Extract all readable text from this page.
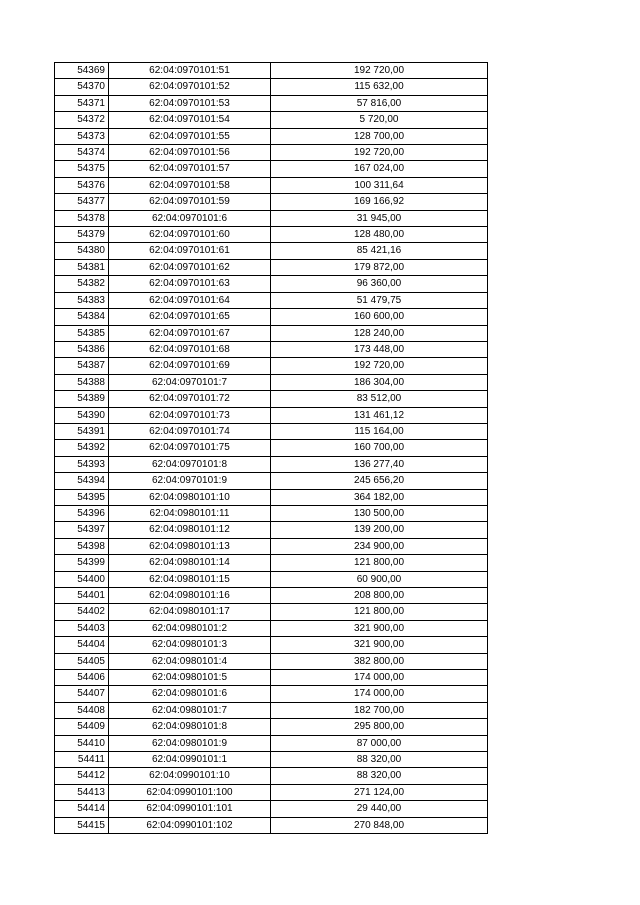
54369	62:04:0970101:51	192 720,00
54370	62:04:0970101:52	115 632,00
54371	62:04:0970101:53	57 816,00
54372	62:04:0970101:54	5 720,00
54373	62:04:0970101:55	128 700,00
54374	62:04:0970101:56	192 720,00
54375	62:04:0970101:57	167 024,00
54376	62:04:0970101:58	100 311,64
54377	62:04:0970101:59	169 166,92
54378	62:04:0970101:6	31 945,00
54379	62:04:0970101:60	128 480,00
54380	62:04:0970101:61	85 421,16
54381	62:04:0970101:62	179 872,00
54382	62:04:0970101:63	96 360,00
54383	62:04:0970101:64	51 479,75
54384	62:04:0970101:65	160 600,00
54385	62:04:0970101:67	128 240,00
54386	62:04:0970101:68	173 448,00
54387	62:04:0970101:69	192 720,00
54388	62:04:0970101:7	186 304,00
54389	62:04:0970101:72	83 512,00
54390	62:04:0970101:73	131 461,12
54391	62:04:0970101:74	115 164,00
54392	62:04:0970101:75	160 700,00
54393	62:04:0970101:8	136 277,40
54394	62:04:0970101:9	245 656,20
54395	62:04:0980101:10	364 182,00
54396	62:04:0980101:11	130 500,00
54397	62:04:0980101:12	139 200,00
54398	62:04:0980101:13	234 900,00
54399	62:04:0980101:14	121 800,00
54400	62:04:0980101:15	60 900,00
54401	62:04:0980101:16	208 800,00
54402	62:04:0980101:17	121 800,00
54403	62:04:0980101:2	321 900,00
54404	62:04:0980101:3	321 900,00
54405	62:04:0980101:4	382 800,00
54406	62:04:0980101:5	174 000,00
54407	62:04:0980101:6	174 000,00
54408	62:04:0980101:7	182 700,00
54409	62:04:0980101:8	295 800,00
54410	62:04:0980101:9	87 000,00
54411	62:04:0990101:1	88 320,00
54412	62:04:0990101:10	88 320,00
54413	62:04:0990101:100	271 124,00
54414	62:04:0990101:101	29 440,00
54415	62:04:0990101:102	270 848,00
